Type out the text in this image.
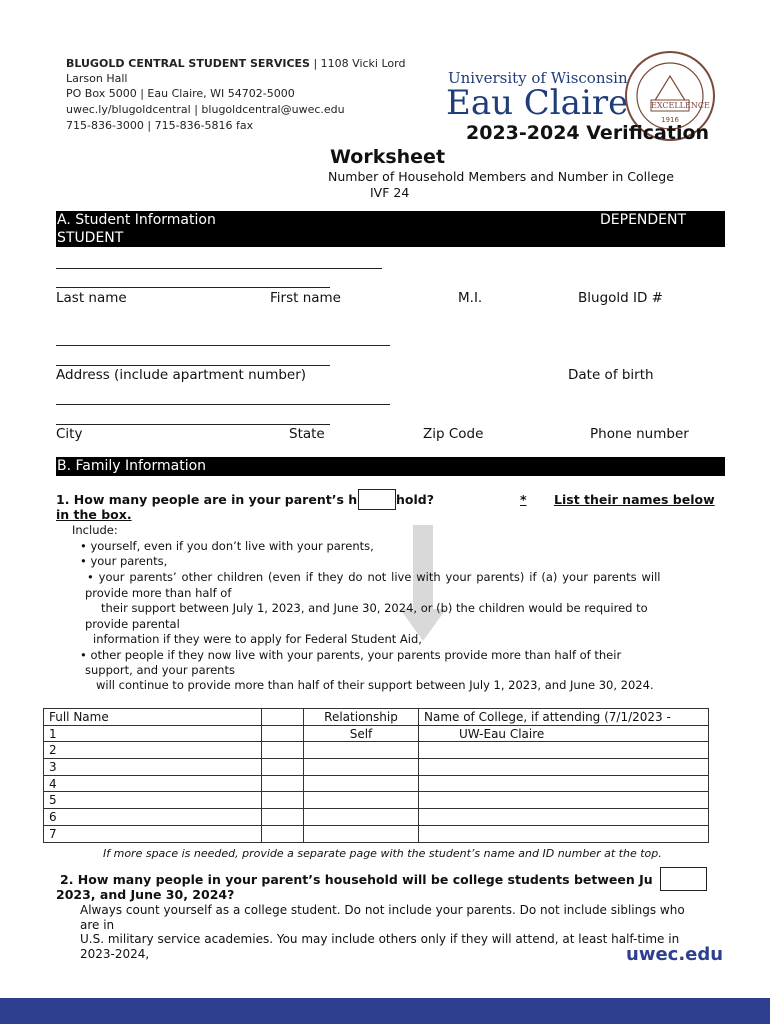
BLUGOLD CENTRAL STUDENT SERVICES | 1108 Vicki Lord
Larson Hall
PO Box 5000 | Eau Claire, WI 54702-5000
uwec.ly/blugoldcentral | blugoldcentral@uwec.edu
715-836-3000 | 715-836-5816 fax
University of Wisconsin
Eau Claire	EXCELLENCE
1916
2023-2024 Verification
Worksheet
Number of Household Members and Number in College
IVF 24
A. Student Information	DEPENDENT
STUDENT
Last name	First name	M.I.	Blugold ID #
Address (include apartment number)	Date of birth
City	State	Zip Code	Phone number
B. Family Information
1. How many people are in your parent’s h	hold?	* List their names below
in the box.
Include:
• yourself, even if you don’t live with your parents,
• your parents,
• your parents’ other children (even if they do not live with your parents) if (a) your parents will
provide more than half of
their support between July 1, 2023, and June 30, 2024, or (b) the children would be required to
provide parental
information if they were to apply for Federal Student Aid,
• other people if they now live with your parents, your parents provide more than half of their
support, and your parents
will continue to provide more than half of their support between July 1, 2023, and June 30, 2024.
Full Name		Relationship	Name of College, if attending (7/1/2023 -
1		Self	UW-Eau Claire
2			
3			
4			
5			
6			
7			
If more space is needed, provide a separate page with the student’s name and ID number at the top.
2. How many people in your parent’s household will be college students between Ju
2023, and June 30, 2024?
Always count yourself as a college student. Do not include your parents. Do not include siblings who
are in
U.S. military service academies. You may include others only if they will attend, at least half-time in
2023-2024,	uwec.edu
